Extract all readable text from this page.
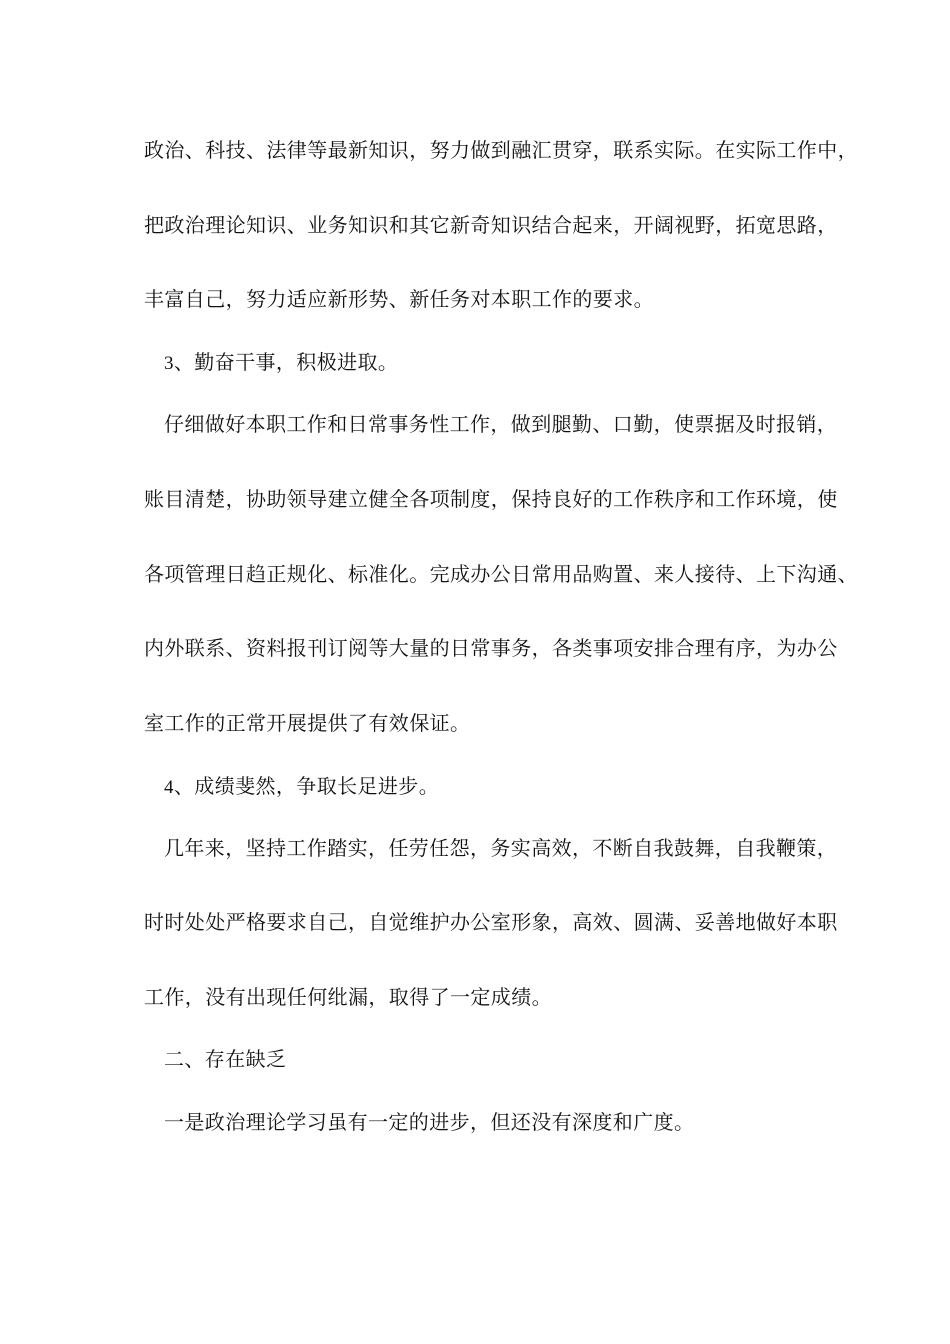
政治、科技、法律等最新知识，努力做到融汇贯穿，联系实际。在实际工作中，
把政治理论知识、业务知识和其它新奇知识结合起来，开阔视野，拓宽思路，
丰富自己，努力适应新形势、新任务对本职工作的要求。
3、勤奋干事，积极进取。
仔细做好本职工作和日常事务性工作，做到腿勤、口勤，使票据及时报销，
账目清楚，协助领导建立健全各项制度，保持良好的工作秩序和工作环境，使
各项管理日趋正规化、标准化。完成办公日常用品购置、来人接待、上下沟通、
内外联系、资料报刊订阅等大量的日常事务，各类事项安排合理有序，为办公
室工作的正常开展提供了有效保证。
4、成绩斐然，争取长足进步。
几年来，坚持工作踏实，任劳任怨，务实高效，不断自我鼓舞，自我鞭策，
时时处处严格要求自己，自觉维护办公室形象，高效、圆满、妥善地做好本职
工作，没有出现任何纰漏，取得了一定成绩。
二、存在缺乏
一是政治理论学习虽有一定的进步，但还没有深度和广度。
